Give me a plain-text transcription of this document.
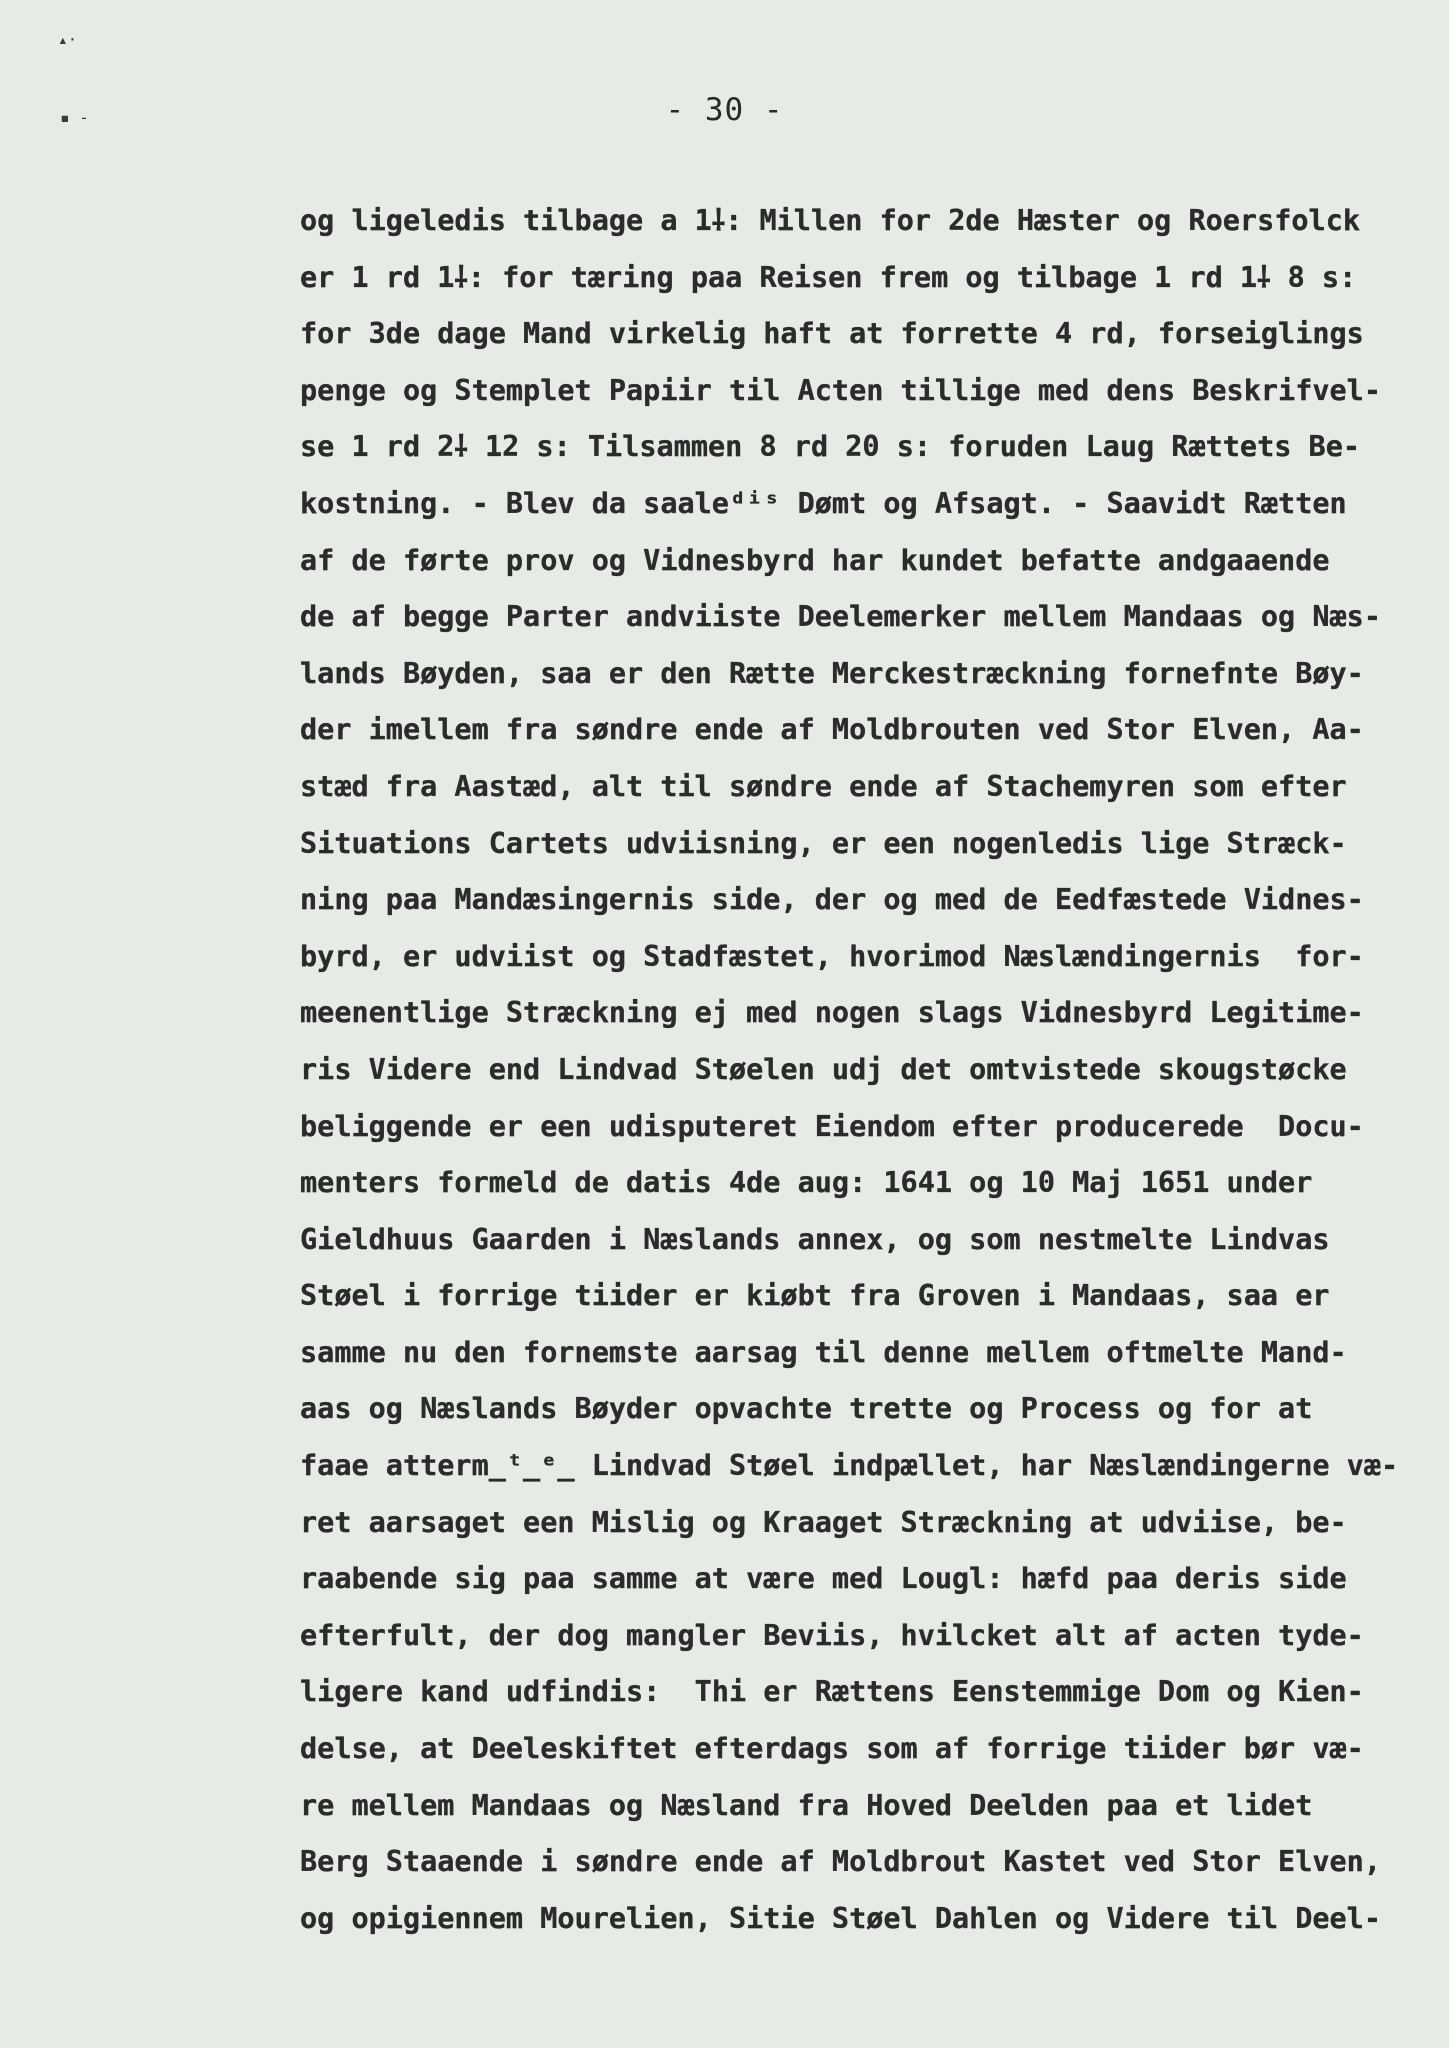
▴·
▪ -	- 30 -
og ligeledis tilbage a 1⸸: Millen for 2de Hæster og Roersfolck
er 1 rd 1⸸: for tæring paa Reisen frem og tilbage 1 rd 1⸸ 8 s:
for 3de dage Mand virkelig haft at forrette 4 rd, forseiglings
penge og Stemplet Papiir til Acten tillige med dens Beskrifvel-
se 1 rd 2⸸ 12 s: Tilsammen 8 rd 20 s: foruden Laug Rættets Be-
kostning. - Blev da saaleᵈⁱˢ Dømt og Afsagt. - Saavidt Rætten
af de førte prov og Vidnesbyrd har kundet befatte andgaaende
de af begge Parter andviiste Deelemerker mellem Mandaas og Næs-
lands Bøyden, saa er den Rætte Merckestræckning fornefnte Bøy-
der imellem fra søndre ende af Moldbrouten ved Stor Elven, Aa-
stæd fra Aastæd, alt til søndre ende af Stachemyren som efter
Situations Cartets udviisning, er een nogenledis lige Stræck-
ning paa Mandæsingernis side, der og med de Eedfæstede Vidnes-
byrd, er udviist og Stadfæstet, hvorimod Næslændingernis  for-
meenentlige Stræckning ej med nogen slags Vidnesbyrd Legitime-
ris Videre end Lindvad Støelen udj det omtvistede skougstøcke
beliggende er een udisputeret Eiendom efter producerede  Docu-
menters formeld de datis 4de aug: 1641 og 10 Maj 1651 under
Gieldhuus Gaarden i Næslands annex, og som nestmelte Lindvas
Støel i forrige tiider er kiøbt fra Groven i Mandaas, saa er
samme nu den fornemste aarsag til denne mellem oftmelte Mand-
aas og Næslands Bøyder opvachte trette og Process og for at
faae atterm̲ᵗ̲ᵉ̲ Lindvad Støel indpællet, har Næslændingerne væ-
ret aarsaget een Mislig og Kraaget Stræckning at udviise, be-
raabende sig paa samme at være med Lougl: hæfd paa deris side
efterfult, der dog mangler Beviis, hvilcket alt af acten tyde-
ligere kand udfindis:  Thi er Rættens Eenstemmige Dom og Kien-
delse, at Deeleskiftet efterdags som af forrige tiider bør væ-
re mellem Mandaas og Næsland fra Hoved Deelden paa et lidet
Berg Staaende i søndre ende af Moldbrout Kastet ved Stor Elven,
og opigiennem Mourelien, Sitie Støel Dahlen og Videre til Deel-
